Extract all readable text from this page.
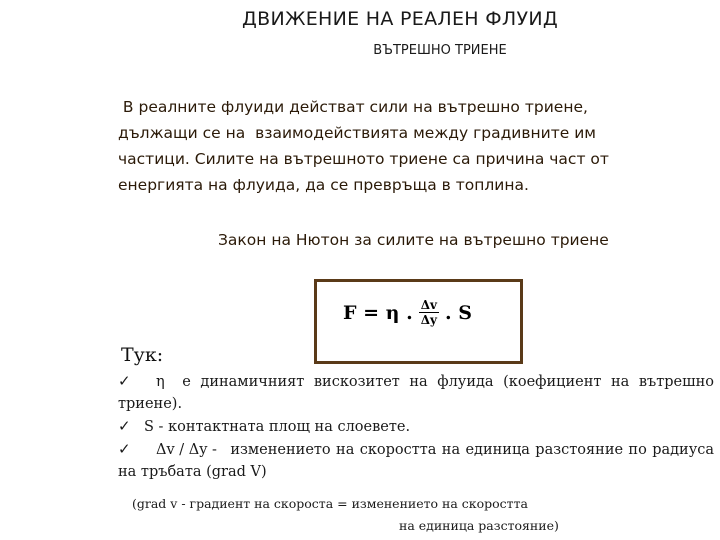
ДВИЖЕНИЕ НА РЕАЛЕН ФЛУИД
ВЪТРЕШНО ТРИЕНЕ
В реалните флуиди действат сили на вътрешно триене,
дължащи се на  взаимодействията между градивните им
частици. Силите на вътрешното триене са причина част от
енергията на флуида, да се превръща в топлина.
Закон на Нютон за силите на вътрешно триене
F = η . $\frac{\Delta v}{\Delta y}$ . S
Тук:
✓ η е динамичният вискозитет на флуида (коефициент на вътрешно триене).
✓ S - контактната площ на слоевете.
✓ Δv / Δy - изменението на скоростта на единица разстояние по радиуса на тръбата (grad V)
(grad v - градиент на скороста = изменението на скоростта
на единица разстояние)
